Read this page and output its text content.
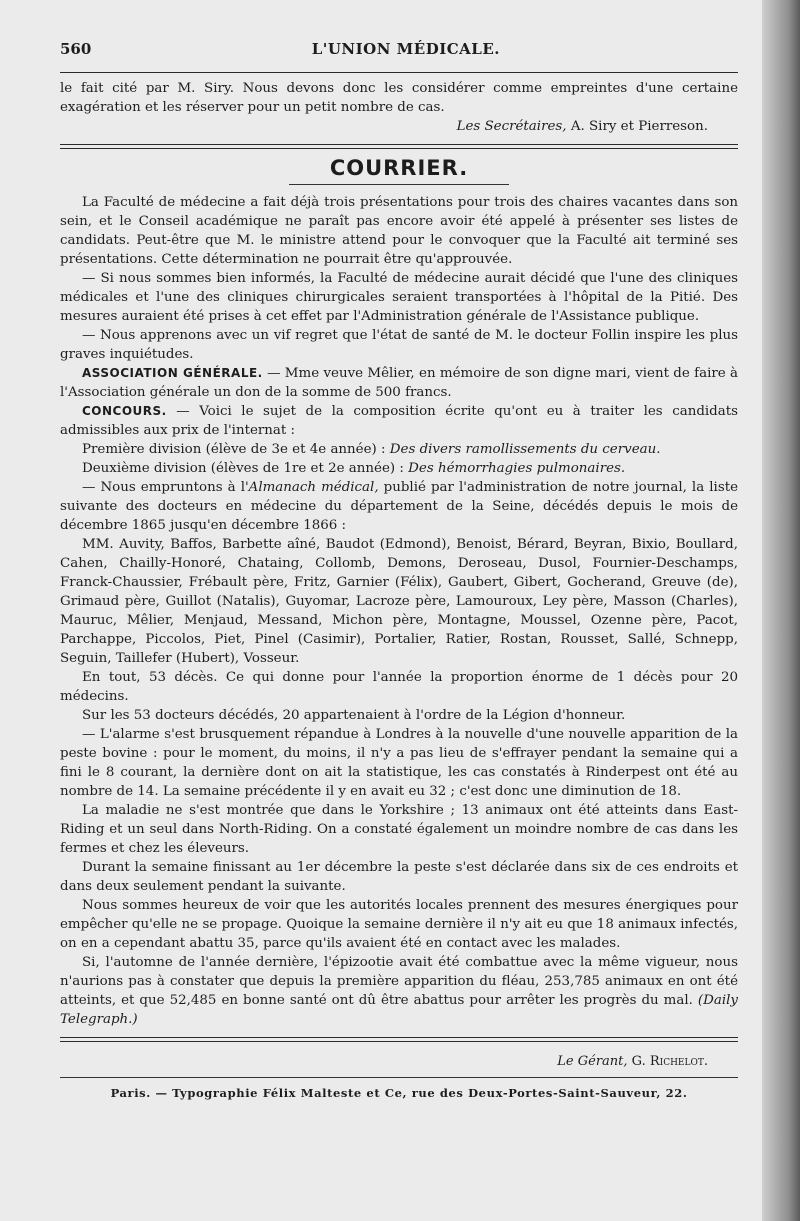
560	L'UNION MÉDICALE.

le fait cité par M. Siry. Nous devons donc les considérer comme empreintes d'une certaine exagération et les réserver pour un petit nombre de cas.

Les Secrétaires, A. Siry et Pierreson.

COURRIER.

La Faculté de médecine a fait déjà trois présentations pour trois des chaires vacantes dans son sein, et le Conseil académique ne paraît pas encore avoir été appelé à présenter ses listes de candidats. Peut-être que M. le ministre attend pour le convoquer que la Faculté ait terminé ses présentations. Cette détermination ne pourrait être qu'approuvée.

— Si nous sommes bien informés, la Faculté de médecine aurait décidé que l'une des cliniques médicales et l'une des cliniques chirurgicales seraient transportées à l'hôpital de la Pitié. Des mesures auraient été prises à cet effet par l'Administration générale de l'Assistance publique.

— Nous apprenons avec un vif regret que l'état de santé de M. le docteur Follin inspire les plus graves inquiétudes.

ASSOCIATION GÉNÉRALE. — Mme veuve Mêlier, en mémoire de son digne mari, vient de faire à l'Association générale un don de la somme de 500 francs.

CONCOURS. — Voici le sujet de la composition écrite qu'ont eu à traiter les candidats admissibles aux prix de l'internat :

Première division (élève de 3e et 4e année) : Des divers ramollissements du cerveau.

Deuxième division (élèves de 1re et 2e année) : Des hémorrhagies pulmonaires.

— Nous empruntons à l'Almanach médical, publié par l'administration de notre journal, la liste suivante des docteurs en médecine du département de la Seine, décédés depuis le mois de décembre 1865 jusqu'en décembre 1866 :

MM. Auvity, Baffos, Barbette aîné, Baudot (Edmond), Benoist, Bérard, Beyran, Bixio, Boullard, Cahen, Chailly-Honoré, Chataing, Collomb, Demons, Deroseau, Dusol, Fournier-Deschamps, Franck-Chaussier, Frébault père, Fritz, Garnier (Félix), Gaubert, Gibert, Gocherand, Greuve (de), Grimaud père, Guillot (Natalis), Guyomar, Lacroze père, Lamouroux, Ley père, Masson (Charles), Mauruc, Mêlier, Menjaud, Messand, Michon père, Montagne, Moussel, Ozenne père, Pacot, Parchappe, Piccolos, Piet, Pinel (Casimir), Portalier, Ratier, Rostan, Rousset, Sallé, Schnepp, Seguin, Taillefer (Hubert), Vosseur.

En tout, 53 décès. Ce qui donne pour l'année la proportion énorme de 1 décès pour 20 médecins.

Sur les 53 docteurs décédés, 20 appartenaient à l'ordre de la Légion d'honneur.

— L'alarme s'est brusquement répandue à Londres à la nouvelle d'une nouvelle apparition de la peste bovine : pour le moment, du moins, il n'y a pas lieu de s'effrayer pendant la semaine qui a fini le 8 courant, la dernière dont on ait la statistique, les cas constatés à Rinderpest ont été au nombre de 14. La semaine précédente il y en avait eu 32 ; c'est donc une diminution de 18.

La maladie ne s'est montrée que dans le Yorkshire ; 13 animaux ont été atteints dans East-Riding et un seul dans North-Riding. On a constaté également un moindre nombre de cas dans les fermes et chez les éleveurs.

Durant la semaine finissant au 1er décembre la peste s'est déclarée dans six de ces endroits et dans deux seulement pendant la suivante.

Nous sommes heureux de voir que les autorités locales prennent des mesures énergiques pour empêcher qu'elle ne se propage. Quoique la semaine dernière il n'y ait eu que 18 animaux infectés, on en a cependant abattu 35, parce qu'ils avaient été en contact avec les malades.

Si, l'automne de l'année dernière, l'épizootie avait été combattue avec la même vigueur, nous n'aurions pas à constater que depuis la première apparition du fléau, 253,785 animaux en ont été atteints, et que 52,485 en bonne santé ont dû être abattus pour arrêter les progrès du mal. (Daily Telegraph.)

Le Gérant, G. Richelot.

Paris. — Typographie Félix Malteste et Ce, rue des Deux-Portes-Saint-Sauveur, 22.
